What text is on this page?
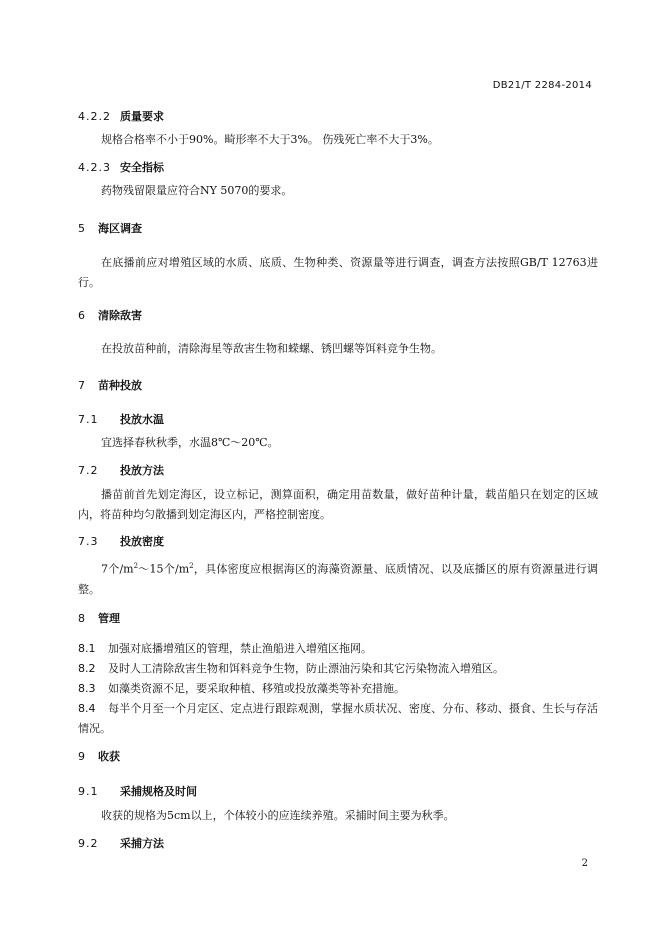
DB21/T 2284-2014
4.2.2 质量要求
规格合格率不小于90%。畸形率不大于3%。 伤残死亡率不大于3%。
4.2.3 安全指标
药物残留限量应符合NY 5070的要求。
5 海区调查
在底播前应对增殖区域的水质、底质、生物种类、资源量等进行调查，调查方法按照GB/T 12763进行。
6 清除敌害
在投放苗种前，清除海星等敌害生物和蝾螺、锈凹螺等饵料竞争生物。
7 苗种投放
7.1 投放水温
宜选择春秋秋季，水温8℃～20℃。
7.2 投放方法
播苗前首先划定海区，设立标记，测算面积，确定用苗数量，做好苗种计量，载苗船只在划定的区域内，将苗种均匀散播到划定海区内，严格控制密度。
7.3 投放密度
7个$/m^2\sim 15$个$/m^2$，具体密度应根据海区的海藻资源量、底质情况、以及底播区的原有资源量进行调整。
8 管理
8.1 加强对底播增殖区的管理，禁止渔船进入增殖区拖网。
8.2 及时人工清除敌害生物和饵料竞争生物，防止漂油污染和其它污染物流入增殖区。
8.3 如藻类资源不足，要采取种植、移殖或投放藻类等补充措施。
8.4 每半个月至一个月定区、定点进行跟踪观测，掌握水质状况、密度、分布、移动、摄食、生长与存活情况。
9 收获
9.1 采捕规格及时间
收获的规格为5cm以上，个体较小的应连续养殖。采捕时间主要为秋季。
9.2 采捕方法
2
